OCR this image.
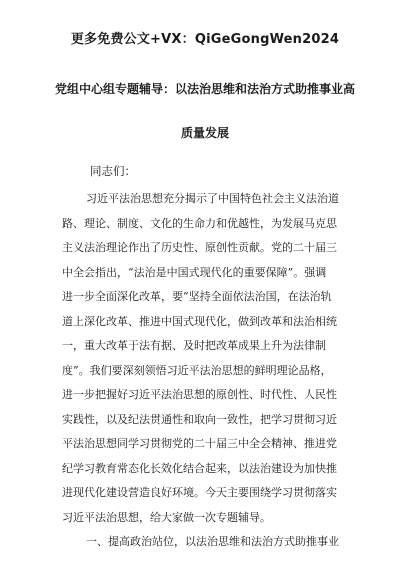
更多免费公文+VX：QiGeGongWen2024
党组中心组专题辅导：以法治思维和法治方式助推事业高
质量发展
同志们：
习近平法治思想充分揭示了中国特色社会主义法治道
路、理论、制度、文化的生命力和优越性，为发展马克思
主义法治理论作出了历史性、原创性贡献。党的二十届三
中全会指出，“法治是中国式现代化的重要保障”。强调
进一步全面深化改革，要“坚持全面依法治国，在法治轨
道上深化改革、推进中国式现代化，做到改革和法治相统
一，重大改革于法有据、及时把改革成果上升为法律制
度”。我们要深刻领悟习近平法治思想的鲜明理论品格，
进一步把握好习近平法治思想的原创性、时代性、人民性
实践性，以及纪法贯通性和取向一致性，把学习贯彻习近
平法治思想同学习贯彻党的二十届三中全会精神、推进党
纪学习教育常态化长效化结合起来，以法治建设为加快推
进现代化建设营造良好环境。今天主要围绕学习贯彻落实
习近平法治思想，给大家做一次专题辅导。
一、提高政治站位，以法治思维和法治方式助推事业
